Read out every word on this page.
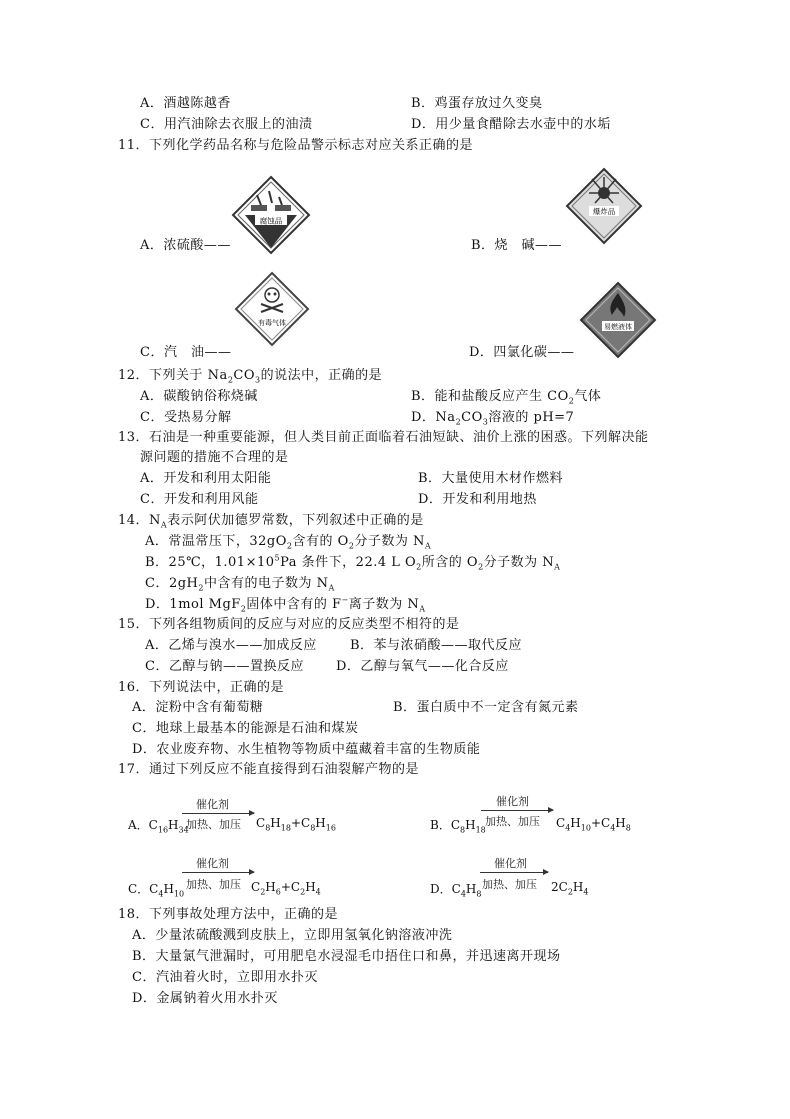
A．酒越陈越香	B．鸡蛋存放过久变臭
C．用汽油除去衣服上的油渍	D．用少量食醋除去水壶中的水垢
11．下列化学药品名称与危险品警示标志对应关系正确的是
腐蚀品
爆炸品
A．浓硫酸——	B．烧　碱——
有毒气体	易燃液体
C．汽　油——	D．四氯化碳——
12．下列关于 $Na_2CO_3$的说法中，正确的是
A．碳酸钠俗称烧碱	B．能和盐酸反应产生 $CO_2$气体
C．受热易分解	D．$Na_2CO_3$溶液的 pH=7
13．石油是一种重要能源，但人类目前正面临着石油短缺、油价上涨的困惑。下列解决能
源问题的措施不合理的是
A．开发和利用太阳能	B．大量使用木材作燃料
C．开发和利用风能	D．开发和利用地热
14．$N_A$表示阿伏加德罗常数，下列叙述中正确的是
A．常温常压下，$32gO_2$含有的 $O_2$分子数为 $N_A$
B．25℃，$1.01\times 10^5Pa$ 条件下，22.4 L $O_2$所含的 $O_2$分子数为 $N_A$
C．$2gH_2$中含有的电子数为 $N_A$
D．1mol MgF$_2$固体中含有的 F−离子数为 $N_A$
15．下列各组物质间的反应与对应的反应类型不相符的是
A．乙烯与溴水——加成反应	B．苯与浓硝酸——取代反应
C．乙醇与钠——置换反应 D．乙醇与氧气——化合反应
16．下列说法中，正确的是
A．淀粉中含有葡萄糖	B．蛋白质中不一定含有氮元素
C．地球上最基本的能源是石油和煤炭
D．农业废弃物、水生植物等物质中蕴藏着丰富的生物质能
17．通过下列反应不能直接得到石油裂解产物的是
催化剂
加热、加压
A．$C_{16}H_{34}$	$C_8H_{18}+C_8H_{16}$
催化剂
加热、加压
B．$C_8H_{18}$	$C_4H_{10}+C_4H_8$
催化剂
加热、加压
C．$C_4H_{10}$	$C_2H_6+C_2H_4$
催化剂
加热、加压
D．$C_4H_8$	$2C_2H_4$
18．下列事故处理方法中，正确的是
A．少量浓硫酸溅到皮肤上，立即用氢氧化钠溶液冲洗
B．大量氯气泄漏时，可用肥皂水浸湿毛巾捂住口和鼻，并迅速离开现场
C．汽油着火时，立即用水扑灭
D．金属钠着火用水扑灭
